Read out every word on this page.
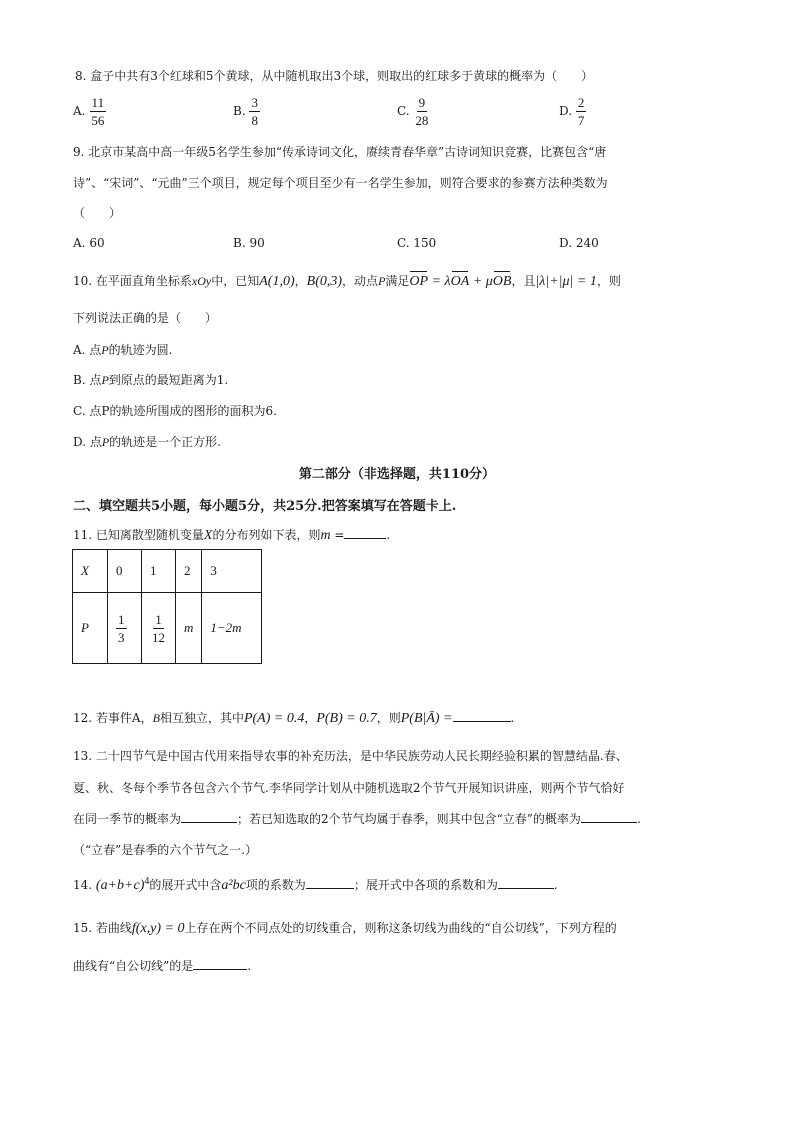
8. 盒子中共有3个红球和5个黄球，从中随机取出3个球，则取出的红球多于黄球的概率为（　　）
A. $\frac{11}{56}$	B. $\frac{3}{8}$	C. $\frac{9}{28}$	D. $\frac{2}{7}$
9. 北京市某高中高一年级5名学生参加“传承诗词文化，赓续青春华章”古诗词知识竞赛，比赛包含“唐
诗”、“宋词”、“元曲”三个项目，规定每个项目至少有一名学生参加，则符合要求的参赛方法种类数为
（　　）
A. 60	B. 90	C. 150	D. 240
10. 在平面直角坐标系xOy中，已知A(1,0)，B(0,3)，动点P满足OP = λOA + μOB，且|λ|+|μ| = 1，则
下列说法正确的是（　　）
A. 点P的轨迹为圆.
B. 点P到原点的最短距离为1.
C. 点P的轨迹所围成的图形的面积为6.
D. 点P的轨迹是一个正方形.
第二部分（非选择题，共110分）
二、填空题共5小题，每小题5分，共25分.把答案填写在答题卡上.
11. 已知离散型随机变量X的分布列如下表，则m =	.
X	0	1	2	3
P	$\frac{1}{3}$	$\frac{1}{12}$	m	1−2m
12. 若事件A，B相互独立，其中P(A) = 0.4，P(B) = 0.7，则P(B|Ā) =	.
13. 二十四节气是中国古代用来指导农事的补充历法，是中华民族劳动人民长期经验积累的智慧结晶.春、
夏、秋、冬每个季节各包含六个节气.李华同学计划从中随机选取2个节气开展知识讲座，则两个节气恰好
在同一季节的概率为	；若已知选取的2个节气均属于春季，则其中包含“立春”的概率为	.
（“立春”是春季的六个节气之一.）
14. $(a+b+c)^4$的展开式中含a²bc项的系数为	；展开式中各项的系数和为	.
15. 若曲线f(x,y) = 0上存在两个不同点处的切线重合，则称这条切线为曲线的“自公切线”，下列方程的
曲线有“自公切线”的是	.
